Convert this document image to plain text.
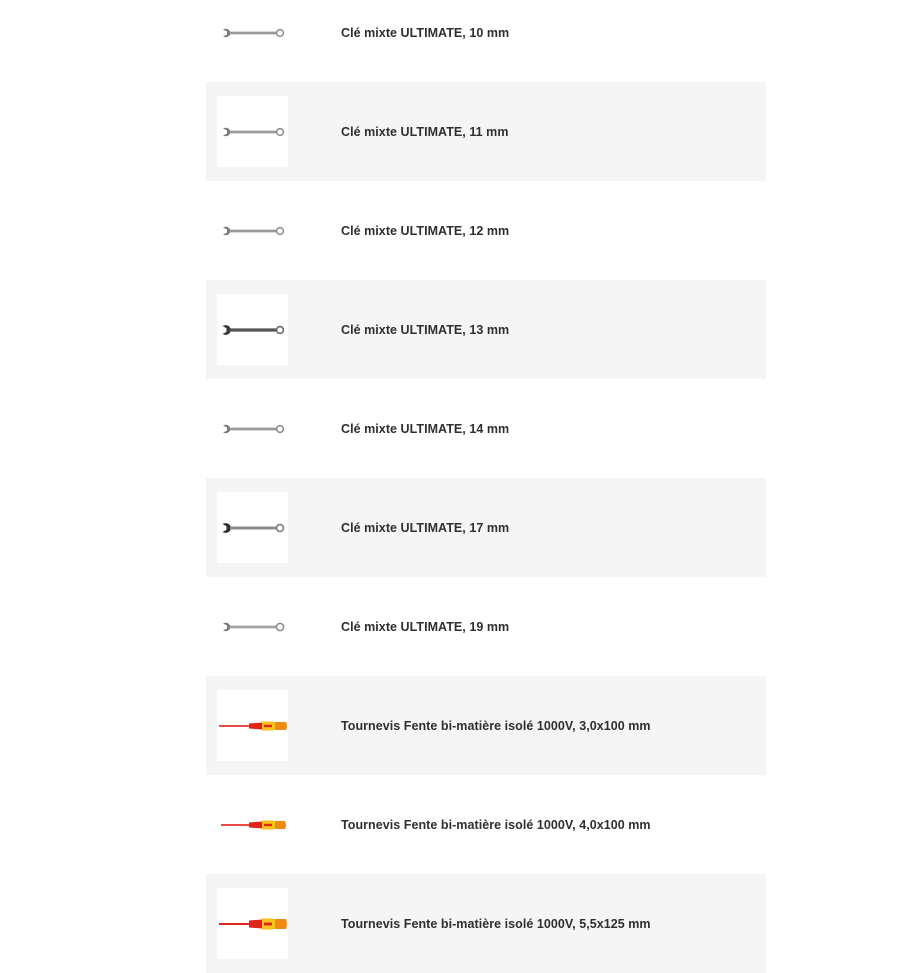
Clé mixte ULTIMATE, 10 mm
Clé mixte ULTIMATE, 11 mm
Clé mixte ULTIMATE, 12 mm
Clé mixte ULTIMATE, 13 mm
Clé mixte ULTIMATE, 14 mm
Clé mixte ULTIMATE, 17 mm
Clé mixte ULTIMATE, 19 mm
Tournevis Fente bi-matière isolé 1000V, 3,0x100 mm
Tournevis Fente bi-matière isolé 1000V, 4,0x100 mm
Tournevis Fente bi-matière isolé 1000V, 5,5x125 mm
